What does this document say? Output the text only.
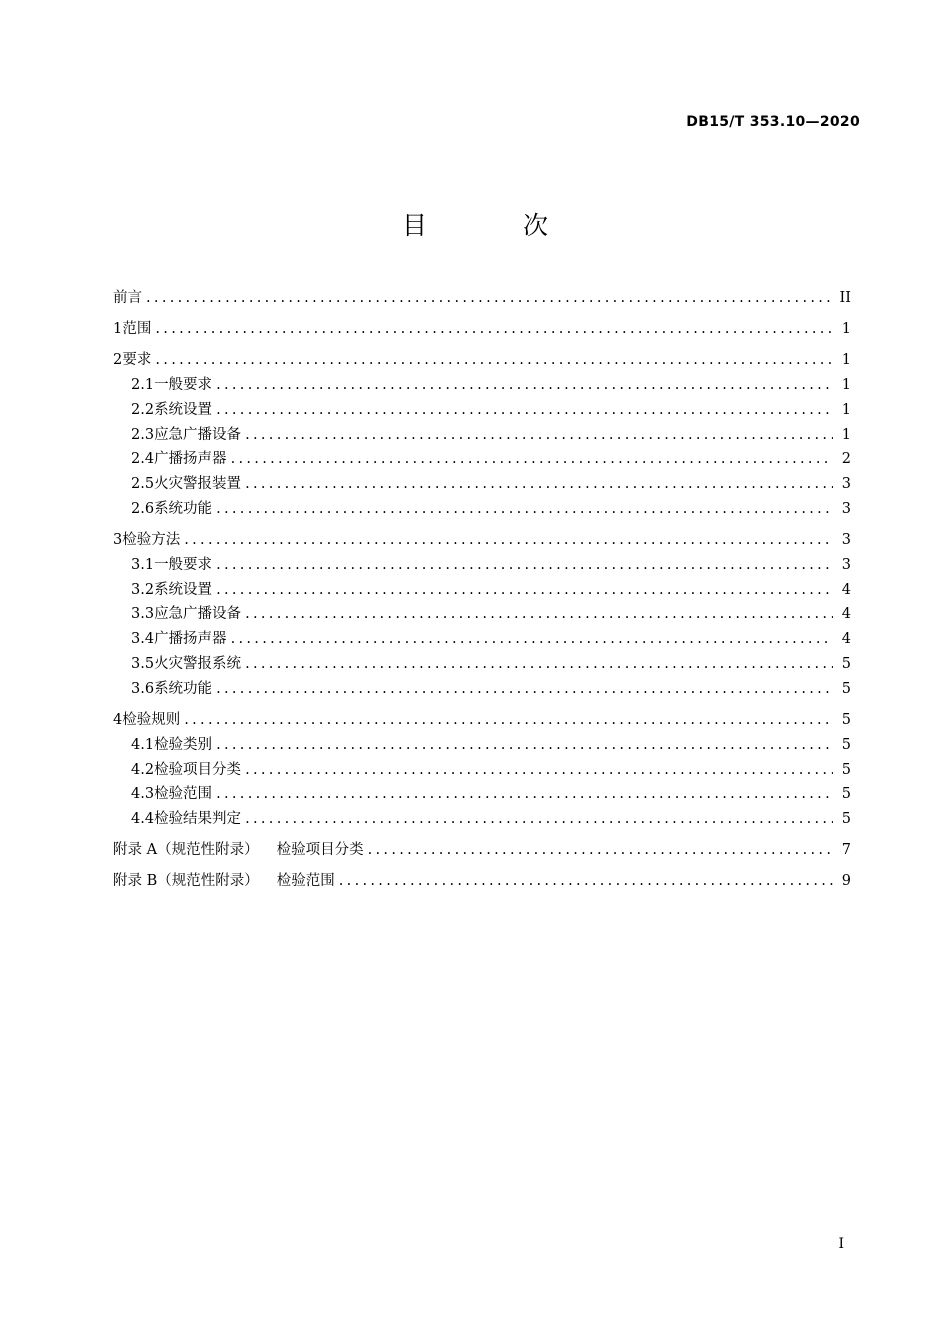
DB15/T 353.10—2020
目 次
前言 .....	II
1 范围 .....	1
2 要求 .....	1
2.1 一般要求 .....	1
2.2 系统设置 .....	1
2.3 应急广播设备 .....	1
2.4 广播扬声器 .....	2
2.5 火灾警报装置 .....	3
2.6 系统功能 .....	3
3 检验方法 .....	3
3.1 一般要求 .....	3
3.2 系统设置 .....	4
3.3 应急广播设备 .....	4
3.4 广播扬声器 .....	4
3.5 火灾警报系统 .....	5
3.6 系统功能 .....	5
4 检验规则 .....	5
4.1 检验类别 .....	5
4.2 检验项目分类 .....	5
4.3 检验范围 .....	5
4.4 检验结果判定 .....	5
附录 A（规范性附录） 检验项目分类 .....	7
附录 B（规范性附录） 检验范围 .....	9
I
